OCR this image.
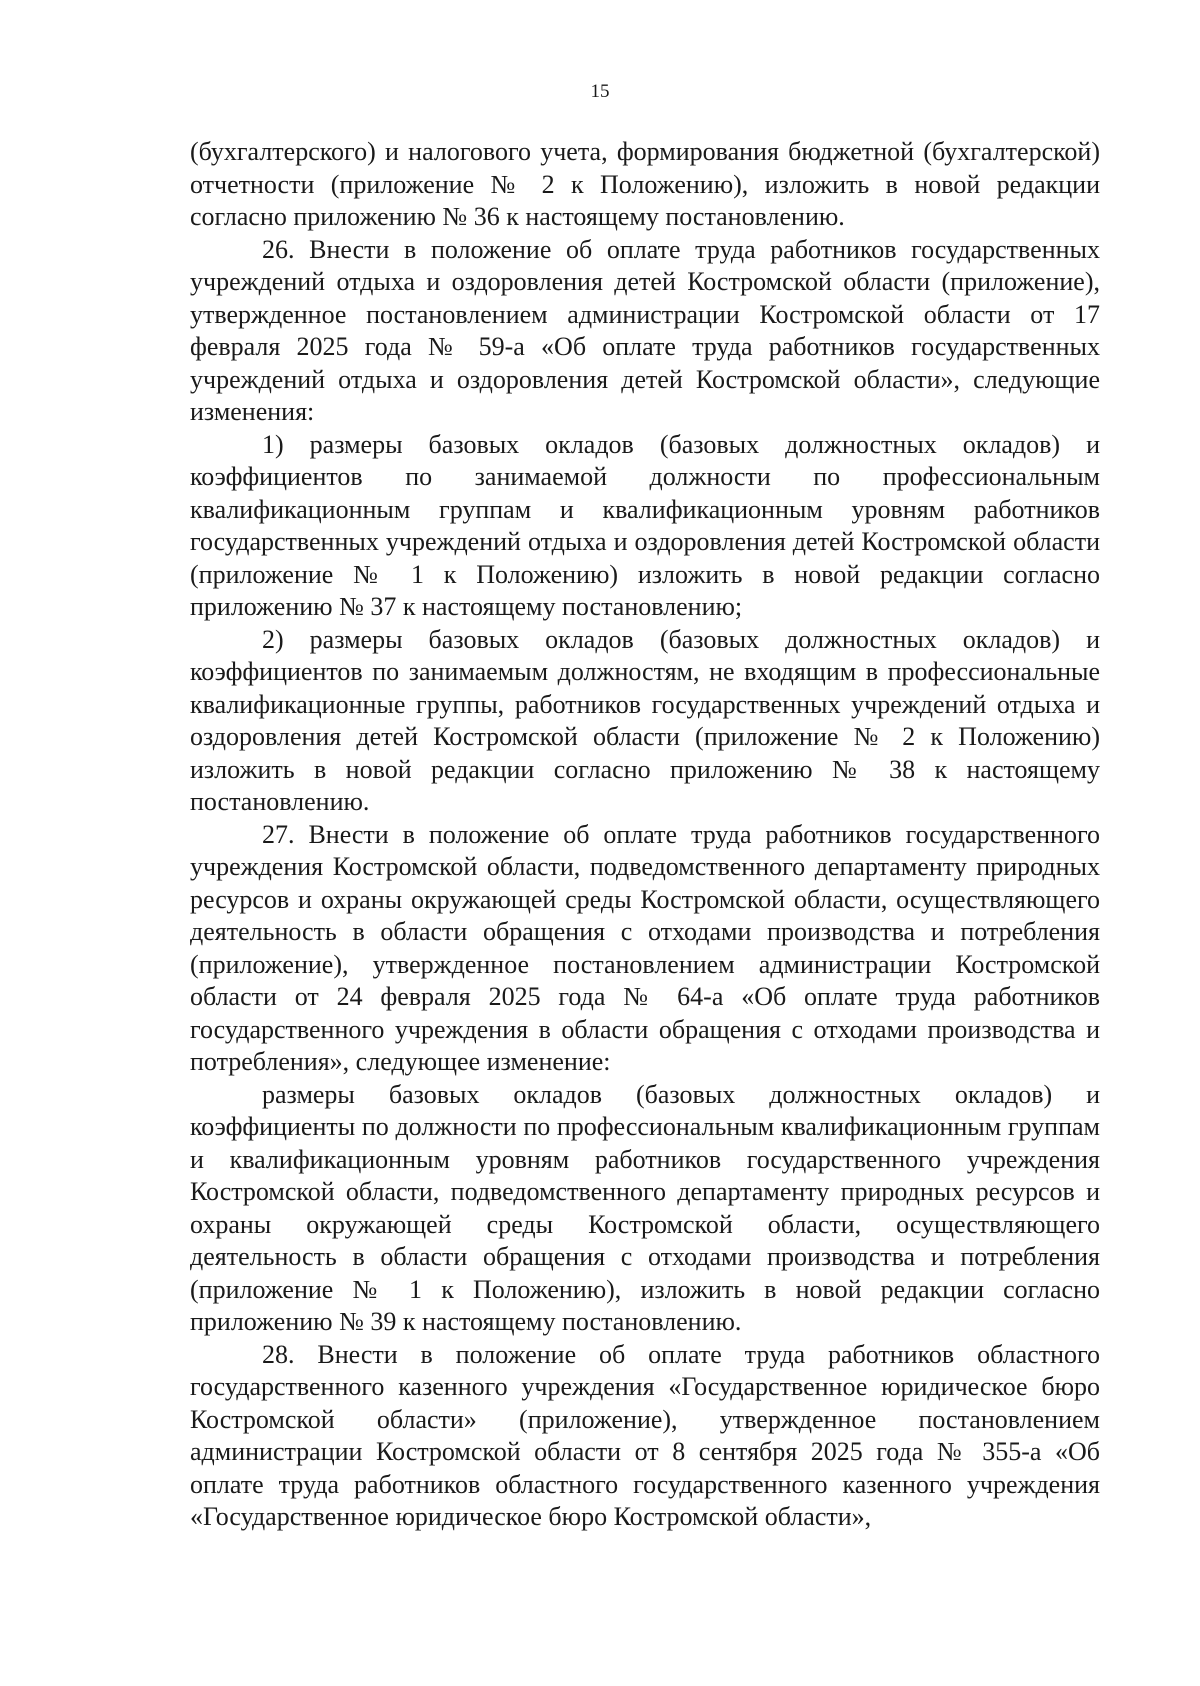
15

(бухгалтерского) и налогового учета, формирования бюджетной (бухгалтерской) отчетности (приложение № 2 к Положению), изложить в новой редакции согласно приложению № 36 к настоящему постановлению.

26. Внести в положение об оплате труда работников государственных учреждений отдыха и оздоровления детей Костромской области (приложение), утвержденное постановлением администрации Костромской области от 17 февраля 2025 года № 59-а «Об оплате труда работников государственных учреждений отдыха и оздоровления детей Костромской области», следующие изменения:

1) размеры базовых окладов (базовых должностных окладов) и коэффициентов по занимаемой должности по профессиональным квалификационным группам и квалификационным уровням работников государственных учреждений отдыха и оздоровления детей Костромской области (приложение № 1 к Положению) изложить в новой редакции согласно приложению № 37 к настоящему постановлению;

2) размеры базовых окладов (базовых должностных окладов) и коэффициентов по занимаемым должностям, не входящим в профессиональные квалификационные группы, работников государственных учреждений отдыха и оздоровления детей Костромской области (приложение № 2 к Положению) изложить в новой редакции согласно приложению № 38 к настоящему постановлению.

27. Внести в положение об оплате труда работников государственного учреждения Костромской области, подведомственного департаменту природных ресурсов и охраны окружающей среды Костромской области, осуществляющего деятельность в области обращения с отходами производства и потребления (приложение), утвержденное постановлением администрации Костромской области от 24 февраля 2025 года № 64-а «Об оплате труда работников государственного учреждения в области обращения с отходами производства и потребления», следующее изменение:

размеры базовых окладов (базовых должностных окладов) и коэффициенты по должности по профессиональным квалификационным группам и квалификационным уровням работников государственного учреждения Костромской области, подведомственного департаменту природных ресурсов и охраны окружающей среды Костромской области, осуществляющего деятельность в области обращения с отходами производства и потребления (приложение № 1 к Положению), изложить в новой редакции согласно приложению № 39 к настоящему постановлению.

28. Внести в положение об оплате труда работников областного государственного казенного учреждения «Государственное юридическое бюро Костромской области» (приложение), утвержденное постановлением администрации Костромской области от 8 сентября 2025 года № 355-а «Об оплате труда работников областного государственного казенного учреждения «Государственное юридическое бюро Костромской области»,
